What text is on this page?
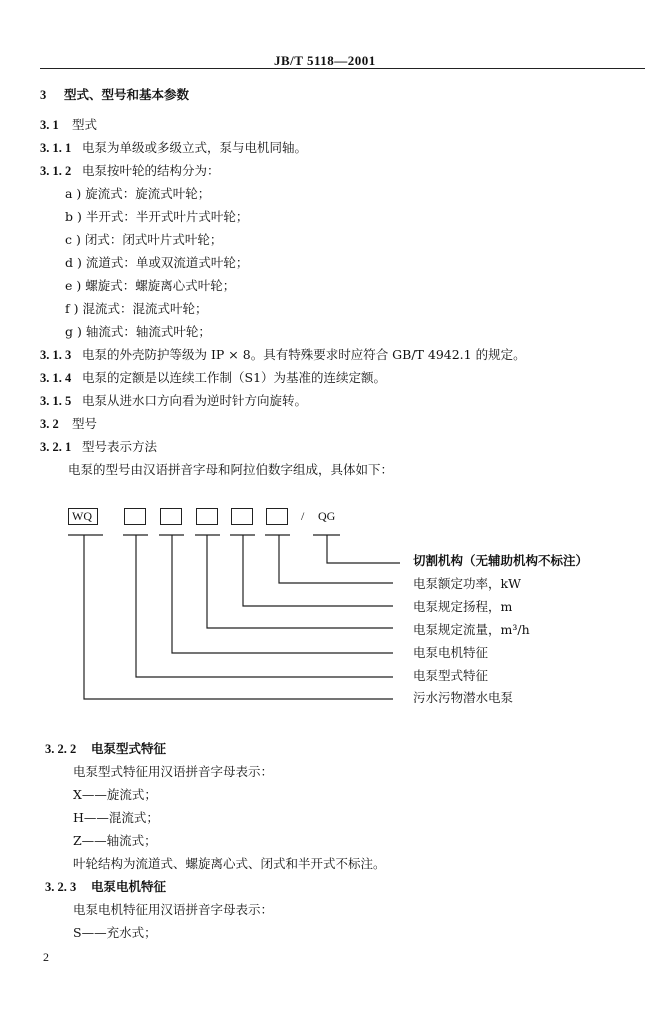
JB/T 5118—2001
3 型式、型号和基本参数
3. 1 型式
3. 1. 1 电泵为单级或多级立式，泵与电机同轴。
3. 1. 2 电泵按叶轮的结构分为：
a ) 旋流式：旋流式叶轮；
b ) 半开式：半开式叶片式叶轮；
c ) 闭式：闭式叶片式叶轮；
d ) 流道式：单或双流道式叶轮；
e ) 螺旋式：螺旋离心式叶轮；
f ) 混流式：混流式叶轮；
g ) 轴流式：轴流式叶轮；
3. 1. 3 电泵的外壳防护等级为 IP × 8。具有特殊要求时应符合 GB/T 4942.1 的规定。
3. 1. 4 电泵的定额是以连续工作制（S1）为基准的连续定额。
3. 1. 5 电泵从进水口方向看为逆时针方向旋转。
3. 2 型号
3. 2. 1 型号表示方法
电泵的型号由汉语拼音字母和阿拉伯数字组成，具体如下：
WQ	/ QG
切割机构（无辅助机构不标注）
电泵额定功率，kW
电泵规定扬程，m
电泵规定流量，m³/h
电泵电机特征
电泵型式特征
污水污物潜水电泵
3. 2. 2 电泵型式特征
电泵型式特征用汉语拼音字母表示：
X——旋流式；
H——混流式；
Z——轴流式；
叶轮结构为流道式、螺旋离心式、闭式和半开式不标注。
3. 2. 3 电泵电机特征
电泵电机特征用汉语拼音字母表示：
S——充水式；
2
